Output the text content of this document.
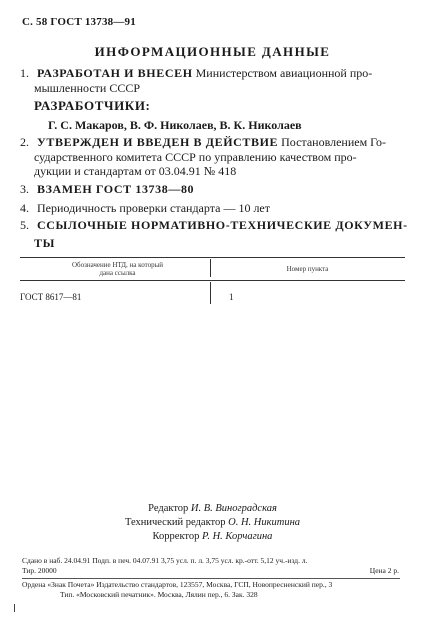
С. 58 ГОСТ 13738—91
ИНФОРМАЦИОННЫЕ ДАННЫЕ
1. РАЗРАБОТАН И ВНЕСЕН Министерством авиационной про-
мышленности СССР
РАЗРАБОТЧИКИ:
Г. С. Макаров, В. Ф. Николаев, В. К. Николаев
2. УТВЕРЖДЕН И ВВЕДЕН В ДЕЙСТВИЕ Постановлением Го-
сударственного комитета СССР по управлению качеством про-
дукции и стандартам от 03.04.91 № 418
3. ВЗАМЕН ГОСТ 13738—80
4. Периодичность проверки стандарта — 10 лет
5. ССЫЛОЧНЫЕ НОРМАТИВНО-ТЕХНИЧЕСКИЕ ДОКУМЕН-
ТЫ
Обозначение НТД, на который
дана ссылка	Номер пункта
ГОСТ 8617—81	1
Редактор И. В. Виноградская
Технический редактор О. Н. Никитина
Корректор Р. Н. Корчагина
Сдано в наб. 24.04.91 Подп. в печ. 04.07.91 3,75 усл. п. л. 3,75 усл. кр.-отт. 5,12 уч.-изд. л.
Тир. 20000	Цена 2 р.
Ордена «Знак Почета» Издательство стандартов, 123557, Москва, ГСП, Новопресненский пер., 3
Тип. «Московский печатник». Москва, Лялин пер., 6. Зак. 328
